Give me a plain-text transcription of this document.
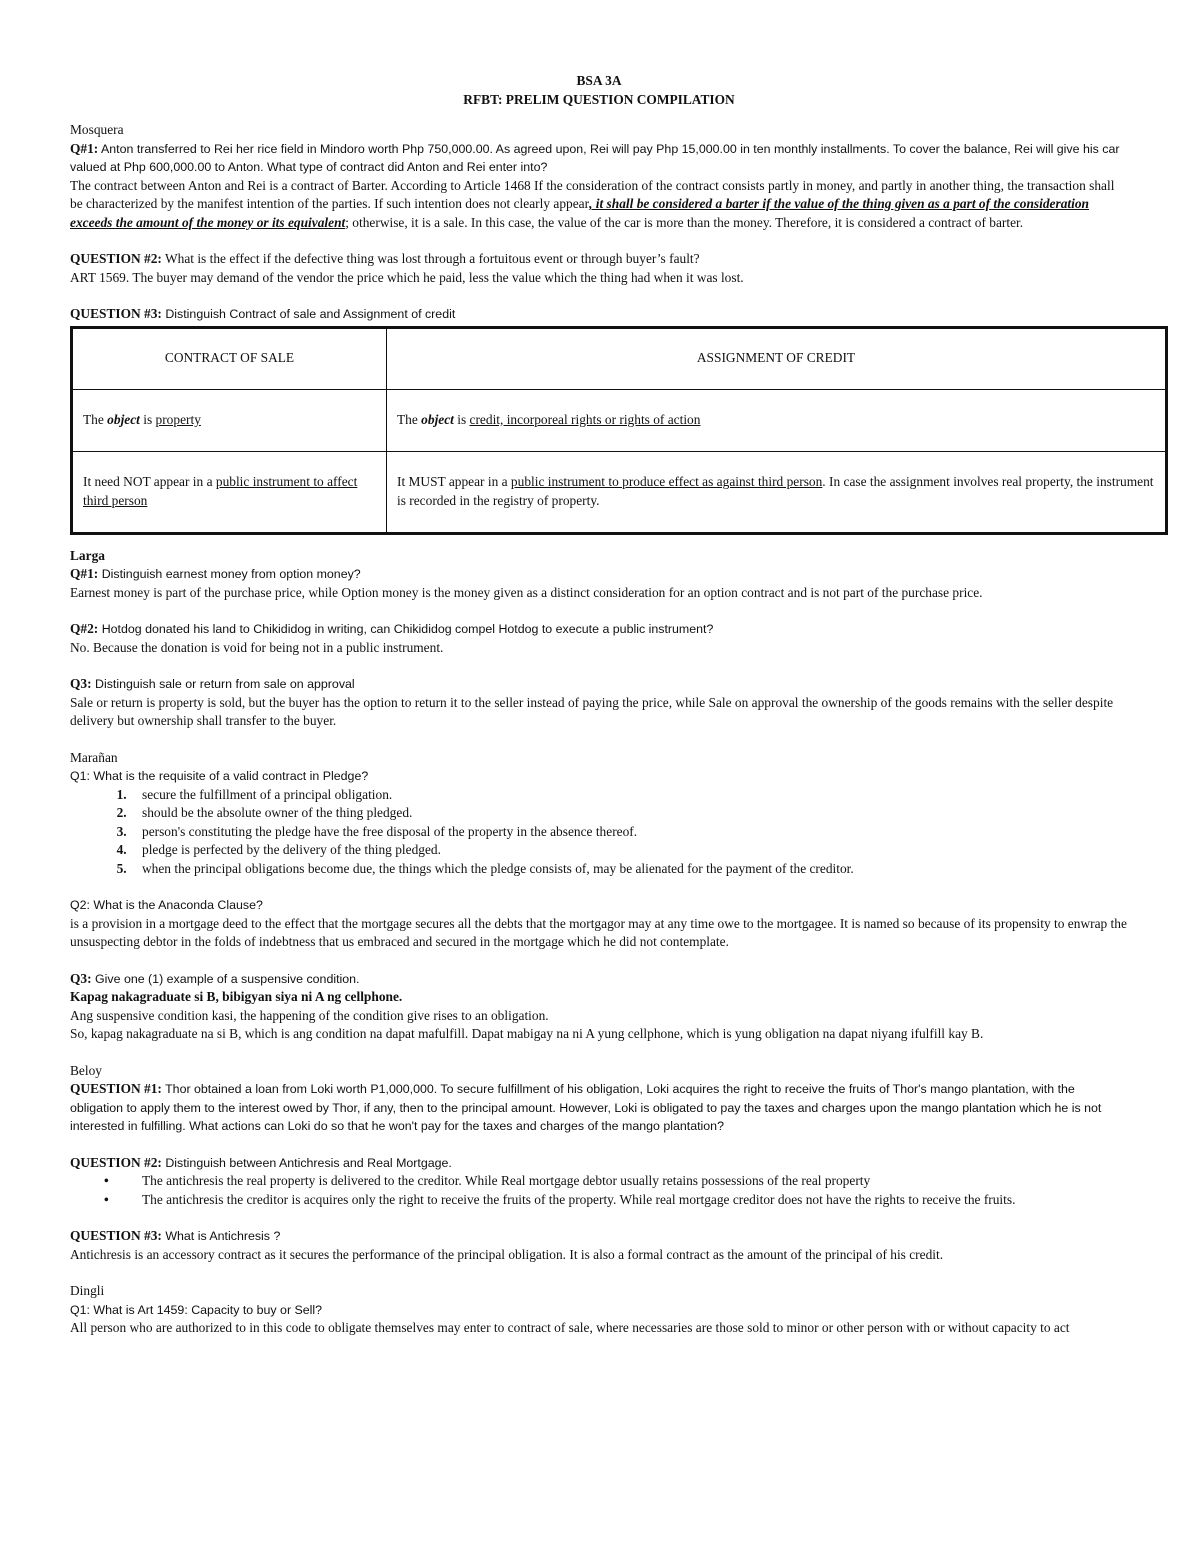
BSA 3A
RFBT: PRELIM QUESTION COMPILATION

Mosquera

Q#1: Anton transferred to Rei her rice field in Mindoro worth Php 750,000.00. As agreed upon, Rei will pay Php 15,000.00 in ten monthly installments. To cover the balance, Rei will give his car valued at Php 600,000.00 to Anton. What type of contract did Anton and Rei enter into?

The contract between Anton and Rei is a contract of Barter. According to Article 1468 If the consideration of the contract consists partly in money, and partly in another thing, the transaction shall be characterized by the manifest intention of the parties. If such intention does not clearly appear, it shall be considered a barter if the value of the thing given as a part of the consideration exceeds the amount of the money or its equivalent; otherwise, it is a sale. In this case, the value of the car is more than the money. Therefore, it is considered a contract of barter.

QUESTION #2: What is the effect if the defective thing was lost through a fortuitous event or through buyer’s fault?

ART 1569. The buyer may demand of the vendor the price which he paid, less the value which the thing had when it was lost.

QUESTION #3: Distinguish Contract of sale and Assignment of credit

CONTRACT OF SALE	ASSIGNMENT OF CREDIT
The object is property	The object is credit, incorporeal rights or rights of action
It need NOT appear in a public instrument to affect third person	It MUST appear in a public instrument to produce effect as against third person. In case the assignment involves real property, the instrument is recorded in the registry of property.

Larga

Q#1: Distinguish earnest money from option money?

Earnest money is part of the purchase price, while Option money is the money given as a distinct consideration for an option contract and is not part of the purchase price.

Q#2: Hotdog donated his land to Chikididog in writing, can Chikididog compel Hotdog to execute a public instrument?

No. Because the donation is void for being not in a public instrument.

Q3: Distinguish sale or return from sale on approval

Sale or return is property is sold, but the buyer has the option to return it to the seller instead of paying the price, while Sale on approval the ownership of the goods remains with the seller despite delivery but ownership shall transfer to the buyer.

Marañan

Q1: What is the requisite of a valid contract in Pledge?

1. secure the fulfillment of a principal obligation.
2. should be the absolute owner of the thing pledged.
3. person's constituting the pledge have the free disposal of the property in the absence thereof.
4. pledge is perfected by the delivery of the thing pledged.
5. when the principal obligations become due, the things which the pledge consists of, may be alienated for the payment of the creditor.

Q2: What is the Anaconda Clause?

is a provision in a mortgage deed to the effect that the mortgage secures all the debts that the mortgagor may at any time owe to the mortgagee. It is named so because of its propensity to enwrap the unsuspecting debtor in the folds of indebtness that us embraced and secured in the mortgage which he did not contemplate.

Q3: Give one (1) example of a suspensive condition.

Kapag nakagraduate si B, bibigyan siya ni A ng cellphone.

Ang suspensive condition kasi, the happening of the condition give rises to an obligation.

So, kapag nakagraduate na si B, which is ang condition na dapat mafulfill. Dapat mabigay na ni A yung cellphone, which is yung obligation na dapat niyang ifulfill kay B.

Beloy

QUESTION #1: Thor obtained a loan from Loki worth P1,000,000. To secure fulfillment of his obligation, Loki acquires the right to receive the fruits of Thor's mango plantation, with the obligation to apply them to the interest owed by Thor, if any, then to the principal amount. However, Loki is obligated to pay the taxes and charges upon the mango plantation which he is not interested in fulfilling. What actions can Loki do so that he won't pay for the taxes and charges of the mango plantation?

QUESTION #2: Distinguish between Antichresis and Real Mortgage.

• The antichresis the real property is delivered to the creditor. While Real mortgage debtor usually retains possessions of the real property
• The antichresis the creditor is acquires only the right to receive the fruits of the property. While real mortgage creditor does not have the rights to receive the fruits.

QUESTION #3: What is Antichresis ?

Antichresis is an accessory contract as it secures the performance of the principal obligation. It is also a formal contract as the amount of the principal of his credit.

Dingli

Q1: What is Art 1459: Capacity to buy or Sell?

All person who are authorized to in this code to obligate themselves may enter to contract of sale, where necessaries are those sold to minor or other person with or without capacity to act
